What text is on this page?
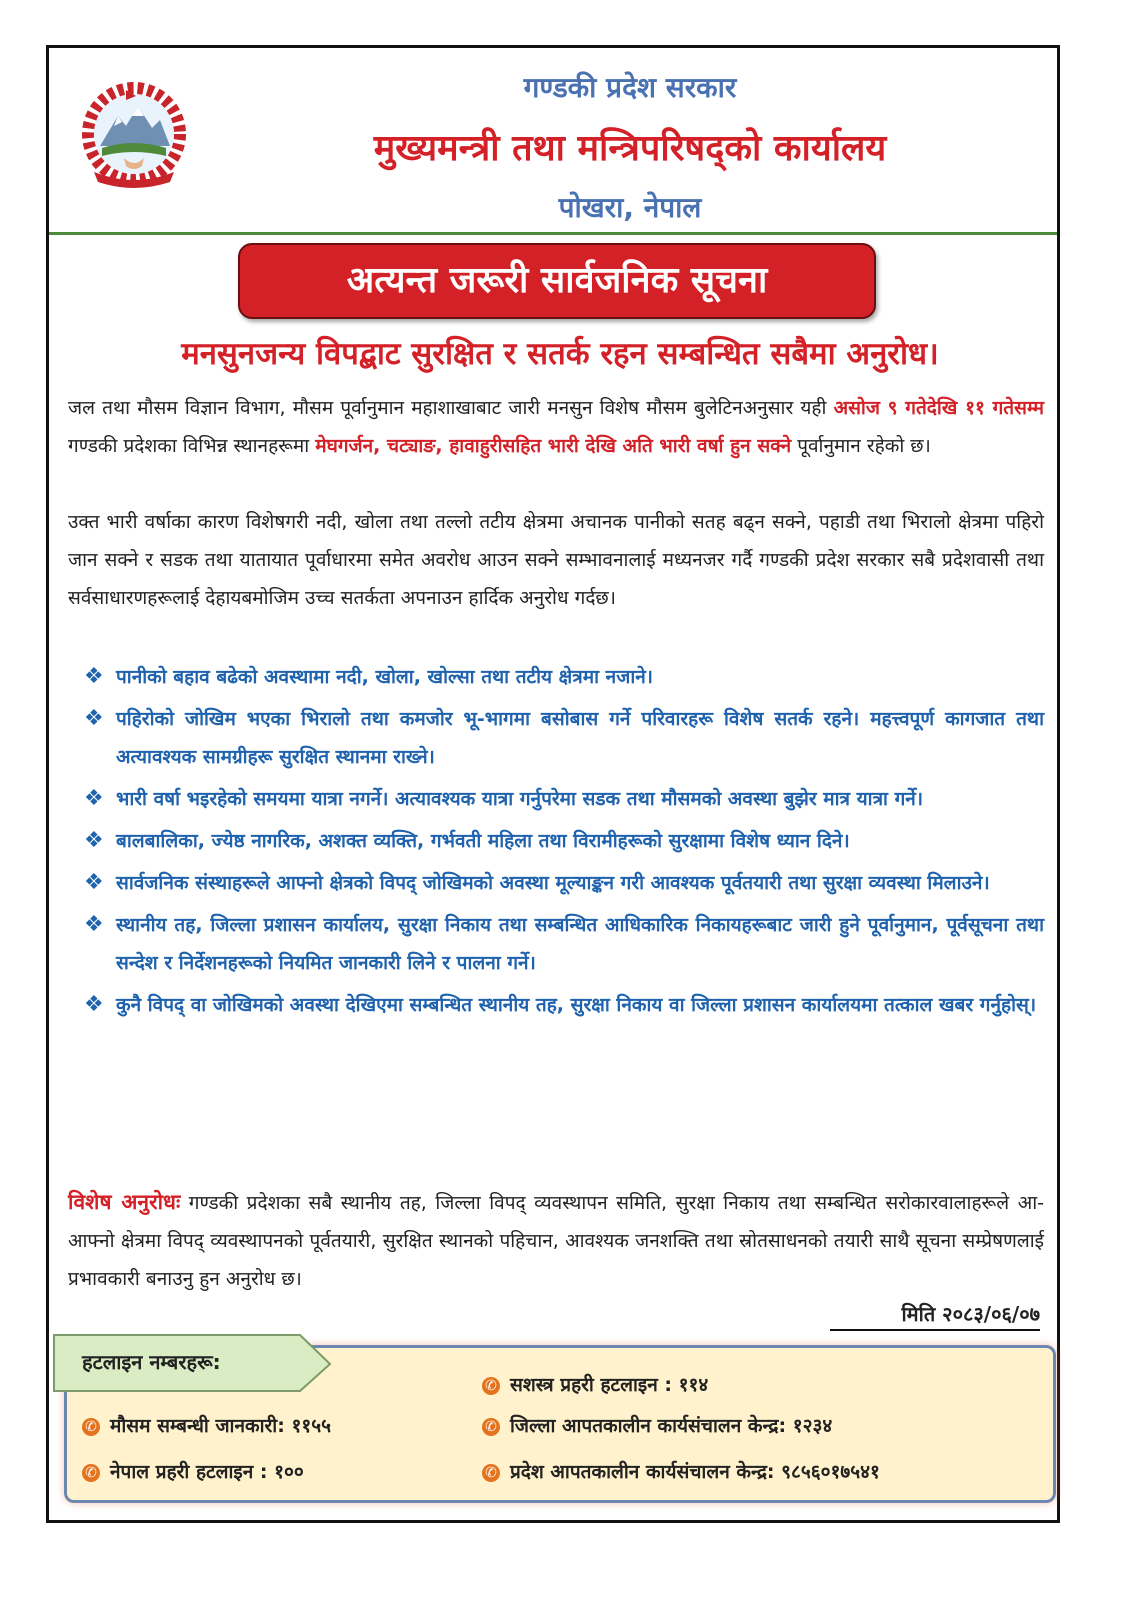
गण्डकी प्रदेश सरकार
मुख्यमन्त्री तथा मन्त्रिपरिषद्को कार्यालय
पोखरा, नेपाल
अत्यन्त जरूरी सार्वजनिक सूचना
मनसुनजन्य विपद्बाट सुरक्षित र सतर्क रहन सम्बन्धित सबैमा अनुरोध।
जल तथा मौसम विज्ञान विभाग, मौसम पूर्वानुमान महाशाखाबाट जारी मनसुन विशेष मौसम बुलेटिनअनुसार यही असोज ९ गतेदेखि ११ गतेसम्म गण्डकी प्रदेशका विभिन्न स्थानहरूमा मेघगर्जन, चट्याङ, हावाहुरीसहित भारी देखि अति भारी वर्षा हुन सक्ने पूर्वानुमान रहेको छ।
उक्त भारी वर्षाका कारण विशेषगरी नदी, खोला तथा तल्लो तटीय क्षेत्रमा अचानक पानीको सतह बढ्न सक्ने, पहाडी तथा भिरालो क्षेत्रमा पहिरो जान सक्ने र सडक तथा यातायात पूर्वाधारमा समेत अवरोध आउन सक्ने सम्भावनालाई मध्यनजर गर्दै गण्डकी प्रदेश सरकार सबै प्रदेशवासी तथा सर्वसाधारणहरूलाई देहायबमोजिम उच्च सतर्कता अपनाउन हार्दिक अनुरोध गर्दछ।
❖ पानीको बहाव बढेको अवस्थामा नदी, खोला, खोल्सा तथा तटीय क्षेत्रमा नजाने।
❖ पहिरोको जोखिम भएका भिरालो तथा कमजोर भू-भागमा बसोबास गर्ने परिवारहरू विशेष सतर्क रहने। महत्त्वपूर्ण कागजात तथा अत्यावश्यक सामग्रीहरू सुरक्षित स्थानमा राख्ने।
❖ भारी वर्षा भइरहेको समयमा यात्रा नगर्ने। अत्यावश्यक यात्रा गर्नुपरेमा सडक तथा मौसमको अवस्था बुझेर मात्र यात्रा गर्ने।
❖ बालबालिका, ज्येष्ठ नागरिक, अशक्त व्यक्ति, गर्भवती महिला तथा विरामीहरूको सुरक्षामा विशेष ध्यान दिने।
❖ सार्वजनिक संस्थाहरूले आफ्नो क्षेत्रको विपद् जोखिमको अवस्था मूल्याङ्कन गरी आवश्यक पूर्वतयारी तथा सुरक्षा व्यवस्था मिलाउने।
❖ स्थानीय तह, जिल्ला प्रशासन कार्यालय, सुरक्षा निकाय तथा सम्बन्धित आधिकारिक निकायहरूबाट जारी हुने पूर्वानुमान, पूर्वसूचना तथा सन्देश र निर्देशनहरूको नियमित जानकारी लिने र पालना गर्ने।
❖ कुनै विपद् वा जोखिमको अवस्था देखिएमा सम्बन्धित स्थानीय तह, सुरक्षा निकाय वा जिल्ला प्रशासन कार्यालयमा तत्काल खबर गर्नुहोस्।
विशेष अनुरोधः गण्डकी प्रदेशका सबै स्थानीय तह, जिल्ला विपद् व्यवस्थापन समिति, सुरक्षा निकाय तथा सम्बन्धित सरोकारवालाहरूले आ-आफ्नो क्षेत्रमा विपद् व्यवस्थापनको पूर्वतयारी, सुरक्षित स्थानको पहिचान, आवश्यक जनशक्ति तथा स्रोतसाधनको तयारी साथै सूचना सम्प्रेषणलाई प्रभावकारी बनाउनु हुन अनुरोध छ।
मिति २०८३/०६/०७
हटलाइन नम्बरहरू:
✆ सशस्त्र प्रहरी हटलाइन : ११४
✆ मौसम सम्बन्धी जानकारी: ११५५	✆ जिल्ला आपतकालीन कार्यसंचालन केन्द्र: १२३४
✆ नेपाल प्रहरी हटलाइन : १००	✆ प्रदेश आपतकालीन कार्यसंचालन केन्द्र: ९८५६०१७५४१
